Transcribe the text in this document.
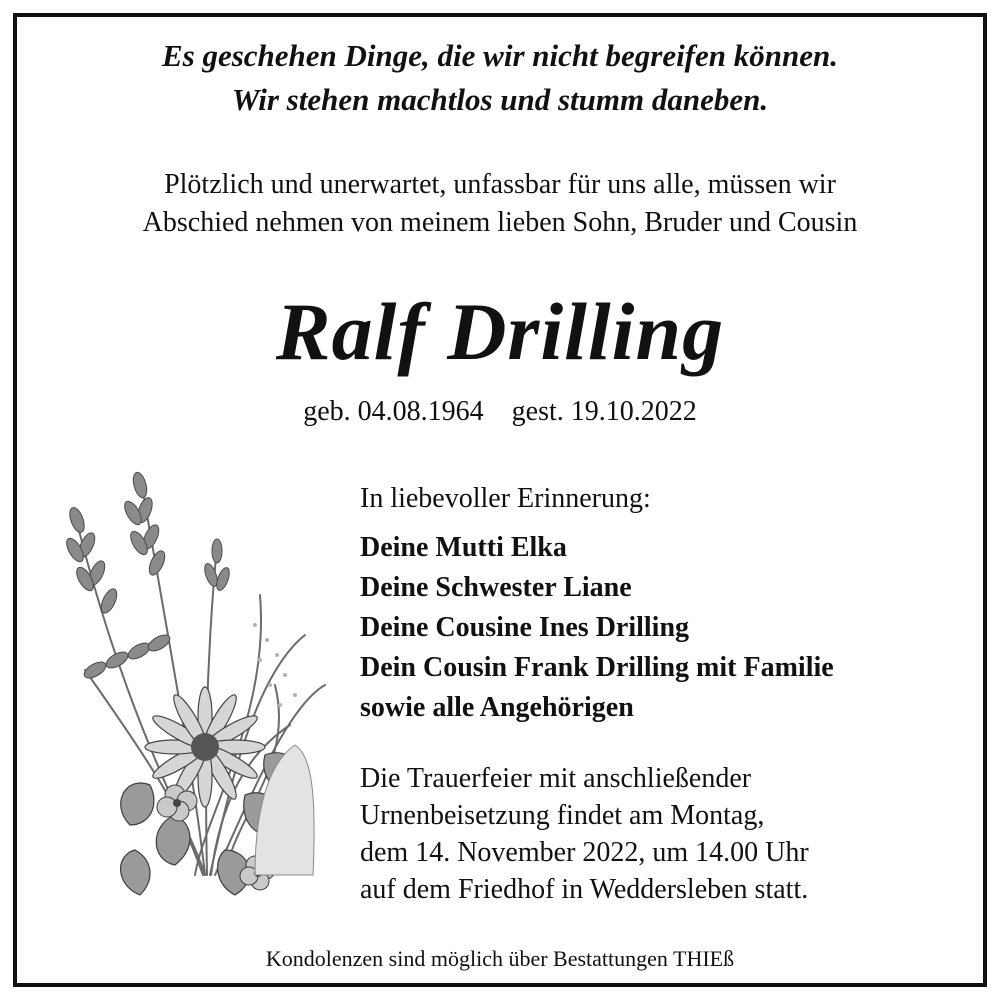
Es geschehen Dinge, die wir nicht begreifen können.
Wir stehen machtlos und stumm daneben.
Plötzlich und unerwartet, unfassbar für uns alle, müssen wir
Abschied nehmen von meinem lieben Sohn, Bruder und Cousin
Ralf Drilling
geb. 04.08.1964 gest. 19.10.2022
In liebevoller Erinnerung:
Deine Mutti Elka
Deine Schwester Liane
Deine Cousine Ines Drilling
Dein Cousin Frank Drilling mit Familie
sowie alle Angehörigen
Die Trauerfeier mit anschließender
Urnenbeisetzung findet am Montag,
dem 14. November 2022, um 14.00 Uhr
auf dem Friedhof in Weddersleben statt.
Kondolenzen sind möglich über Bestattungen THIEß
